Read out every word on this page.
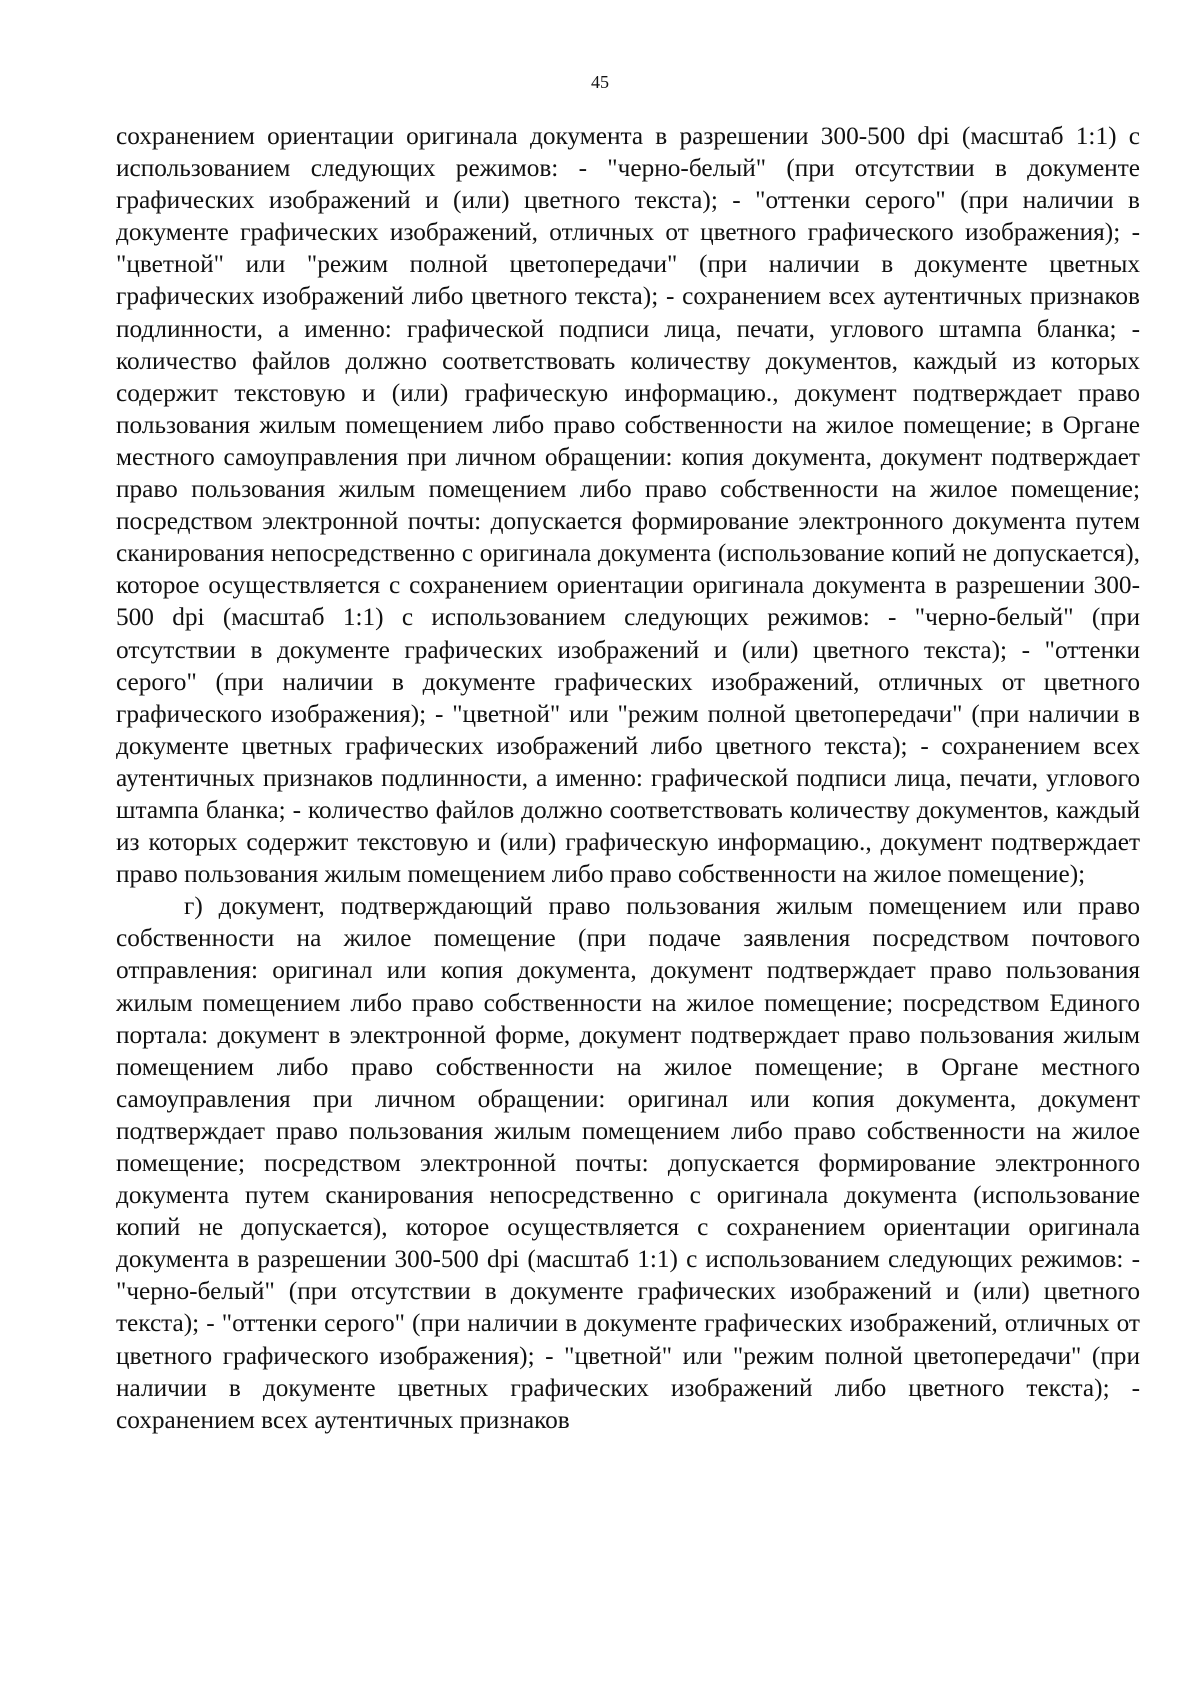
45

сохранением ориентации оригинала документа в разрешении 300-500 dpi (масштаб 1:1) с использованием следующих режимов: - "черно-белый" (при отсутствии в документе графических изображений и (или) цветного текста); - "оттенки серого" (при наличии в документе графических изображений, отличных от цветного графического изображения); - "цветной" или "режим полной цветопередачи" (при наличии в документе цветных графических изображений либо цветного текста); - сохранением всех аутентичных признаков подлинности, а именно: графической подписи лица, печати, углового штампа бланка; - количество файлов должно соответствовать количеству документов, каждый из которых содержит текстовую и (или) графическую информацию., документ подтверждает право пользования жилым помещением либо право собственности на жилое помещение; в Органе местного самоуправления при личном обращении: копия документа, документ подтверждает право пользования жилым помещением либо право собственности на жилое помещение; посредством электронной почты: допускается формирование электронного документа путем сканирования непосредственно с оригинала документа (использование копий не допускается), которое осуществляется с сохранением ориентации оригинала документа в разрешении 300-500 dpi (масштаб 1:1) с использованием следующих режимов: - "черно-белый" (при отсутствии в документе графических изображений и (или) цветного текста); - "оттенки серого" (при наличии в документе графических изображений, отличных от цветного графического изображения); - "цветной" или "режим полной цветопередачи" (при наличии в документе цветных графических изображений либо цветного текста); - сохранением всех аутентичных признаков подлинности, а именно: графической подписи лица, печати, углового штампа бланка; - количество файлов должно соответствовать количеству документов, каждый из которых содержит текстовую и (или) графическую информацию., документ подтверждает право пользования жилым помещением либо право собственности на жилое помещение);

г) документ, подтверждающий право пользования жилым помещением или право собственности на жилое помещение (при подаче заявления посредством почтового отправления: оригинал или копия документа, документ подтверждает право пользования жилым помещением либо право собственности на жилое помещение; посредством Единого портала: документ в электронной форме, документ подтверждает право пользования жилым помещением либо право собственности на жилое помещение; в Органе местного самоуправления при личном обращении: оригинал или копия документа, документ подтверждает право пользования жилым помещением либо право собственности на жилое помещение; посредством электронной почты: допускается формирование электронного документа путем сканирования непосредственно с оригинала документа (использование копий не допускается), которое осуществляется с сохранением ориентации оригинала документа в разрешении 300-500 dpi (масштаб 1:1) с использованием следующих режимов: - "черно-белый" (при отсутствии в документе графических изображений и (или) цветного текста); - "оттенки серого" (при наличии в документе графических изображений, отличных от цветного графического изображения); - "цветной" или "режим полной цветопередачи" (при наличии в документе цветных графических изображений либо цветного текста); - сохранением всех аутентичных признаков
